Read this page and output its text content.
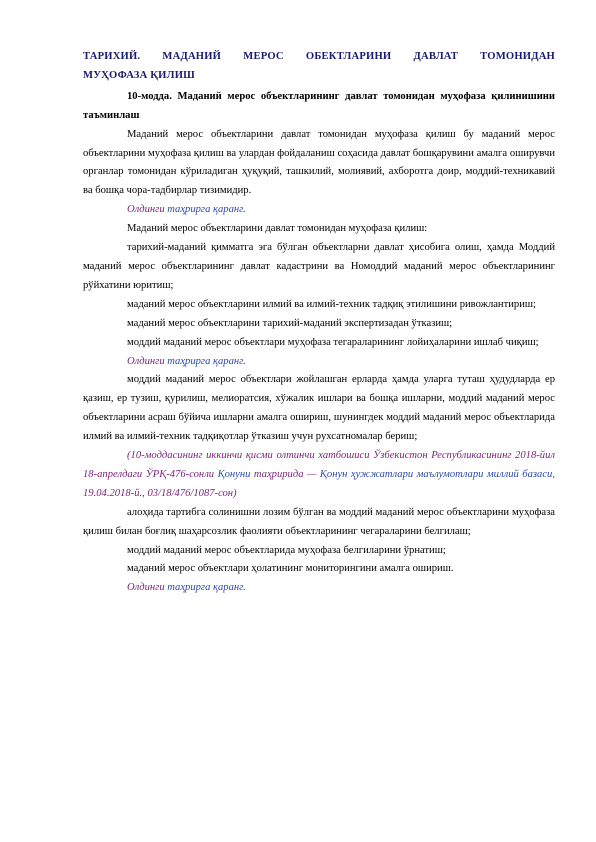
ТАРИХИЙ. МАДАНИЙ МЕРОС ОБЕКТЛАРИНИ ДАВЛАТ ТОМОНИДАН
МУҲОФАЗА ҚИЛИШ
10-модда. Маданий мерос объектларининг давлат томонидан муҳофаза қилинишини таъминлаш
Маданий мерос объектларини давлат томонидан муҳофаза қилиш бу маданий мерос объектларини муҳофаза қилиш ва улардан фойдаланиш соҳасида давлат бошқарувини амалга оширувчи органлар томонидан кўриладиган ҳуқуқий, ташкилий, молиявий, ахборотга доир, моддий-техникавий ва бошқа чора-тадбирлар тизимидир.
Олдинги таҳрирга қаранг.
Маданий мерос объектларини давлат томонидан муҳофаза қилиш:
тарихий-маданий қимматга эга бўлган объектларни давлат ҳисобига олиш, ҳамда Моддий маданий мерос объектларининг давлат кадастрини ва Номоддий маданий мерос объектларининг рўйхатини юритиш;
маданий мерос объектларини илмий ва илмий-техник тадқиқ этилишини ривожлантириш;
маданий мерос объектларини тарихий-маданий экспертизадан ўтказиш;
моддий маданий мерос объектлари муҳофаза тегараларининг лойиҳаларини ишлаб чиқиш;
Олдинги таҳрирга қаранг.
моддий маданий мерос объектлари жойлашган ерларда ҳамда уларга туташ ҳудудларда ер қазиш, ер тузиш, қурилиш, мелиоратсия, хўжалик ишлари ва бошқа ишларни, моддий маданий мерос объектларини асраш бўйича ишларни амалга ошириш, шунингдек моддий маданий мерос объектларида илмий ва илмий-техник тадқиқотлар ўтказиш учун рухсатномалар бериш;
(10-моддасининг иккинчи қисми олтинчи хатбошиси Ўзбекистон Республикасининг 2018-йил 18-апрелдаги ЎРҚ-476-сонли Қонуни таҳририда — Қонун ҳужжатлари маълумотлари миллий базаси, 19.04.2018-й., 03/18/476/1087-сон)
алоҳида тартибга солинишни лозим бўлган ва моддий маданий мерос объектларини муҳофаза қилиш билан боғлиқ шаҳарсозлик фаолияти объектларининг чегараларини белгилаш;
моддий маданий мерос объектларида муҳофаза белгиларини ўрнатиш;
маданий мерос объектлари ҳолатининг мониторингини амалга ошириш.
Олдинги таҳрирга қаранг.
